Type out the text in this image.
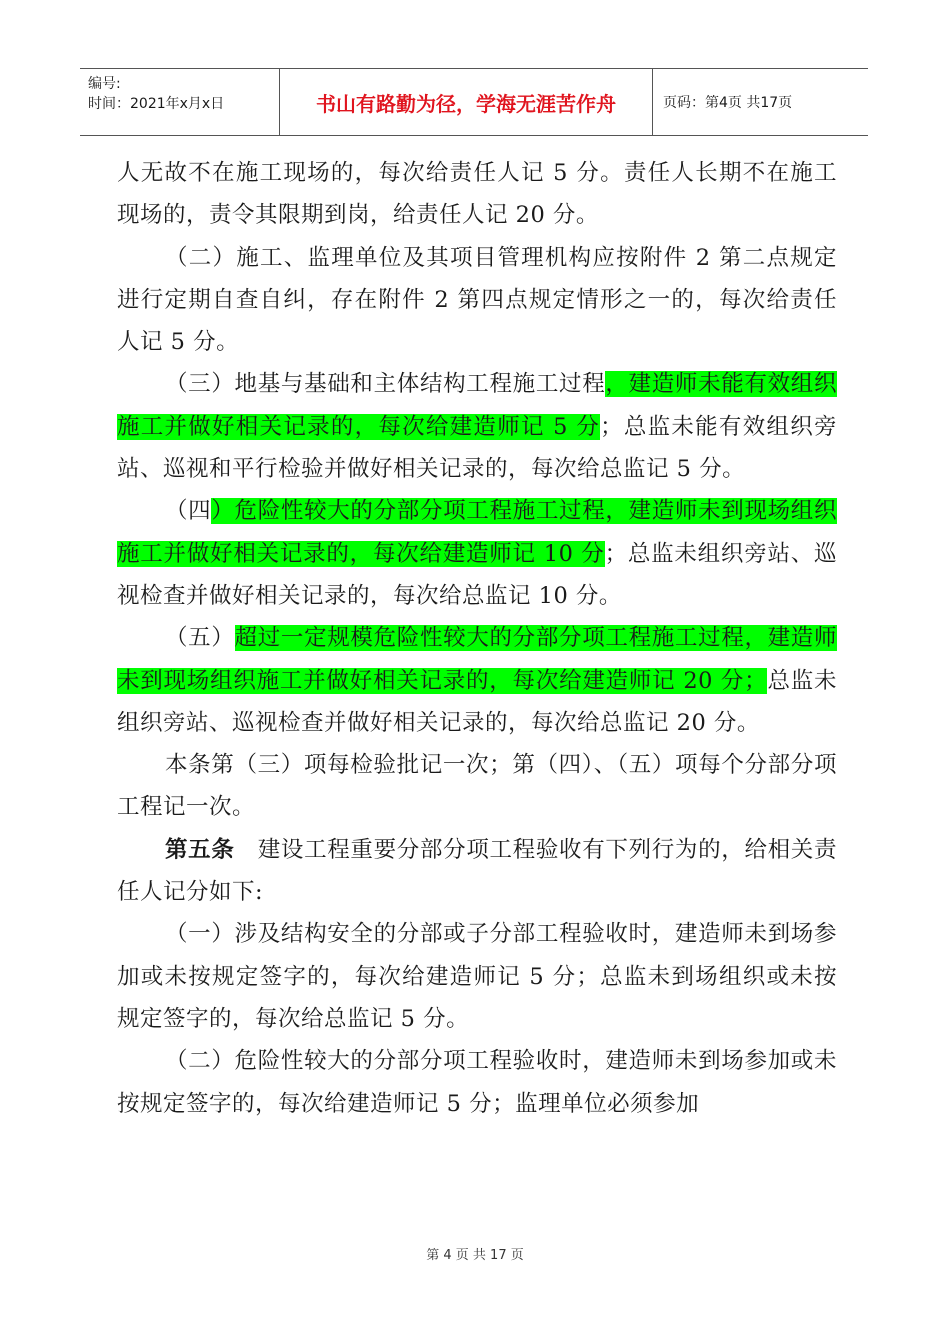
编号:
时间：2021年x月x日	书山有路勤为径，学海无涯苦作舟	页码：第4页 共17页

人无故不在施工现场的，每次给责任人记 5 分。责任人长期不在施工现场的，责令其限期到岗，给责任人记 20 分。

（二）施工、监理单位及其项目管理机构应按附件 2 第二点规定进行定期自查自纠，存在附件 2 第四点规定情形之一的，每次给责任人记 5 分。

（三）地基与基础和主体结构工程施工过程，建造师未能有效组织施工并做好相关记录的，每次给建造师记 5 分；总监未能有效组织旁站、巡视和平行检验并做好相关记录的，每次给总监记 5 分。

（四）危险性较大的分部分项工程施工过程，建造师未到现场组织施工并做好相关记录的，每次给建造师记 10 分；总监未组织旁站、巡视检查并做好相关记录的，每次给总监记 10 分。

（五）超过一定规模危险性较大的分部分项工程施工过程，建造师未到现场组织施工并做好相关记录的，每次给建造师记 20 分；总监未组织旁站、巡视检查并做好相关记录的，每次给总监记 20 分。

本条第（三）项每检验批记一次；第（四）、（五）项每个分部分项工程记一次。

第五条　建设工程重要分部分项工程验收有下列行为的，给相关责任人记分如下:

（一）涉及结构安全的分部或子分部工程验收时，建造师未到场参加或未按规定签字的，每次给建造师记 5 分；总监未到场组织或未按规定签字的，每次给总监记 5 分。

（二）危险性较大的分部分项工程验收时，建造师未到场参加或未按规定签字的，每次给建造师记 5 分；监理单位必须参加

第 4 页 共 17 页
